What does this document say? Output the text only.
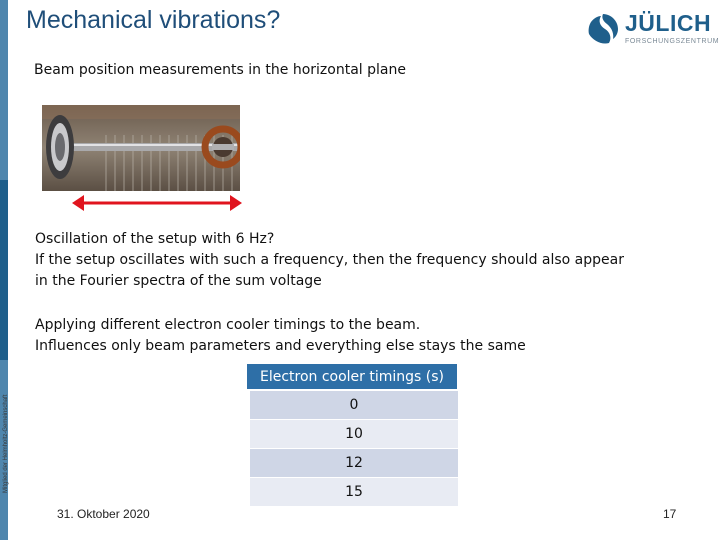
Mitglied der Helmholtz-Gemeinschaft
Mechanical vibrations?	JÜLICH
FORSCHUNGSZENTRUM
Beam position measurements in the horizontal plane
Oscillation of the setup with 6 Hz?
If the setup oscillates with such a frequency, then the frequency should also appear
in the Fourier spectra of the sum voltage
Applying different electron cooler timings to the beam.
Influences only beam parameters and everything else stays the same
Electron cooler timings (s)
0
10
12
15
31. Oktober 2020	17
